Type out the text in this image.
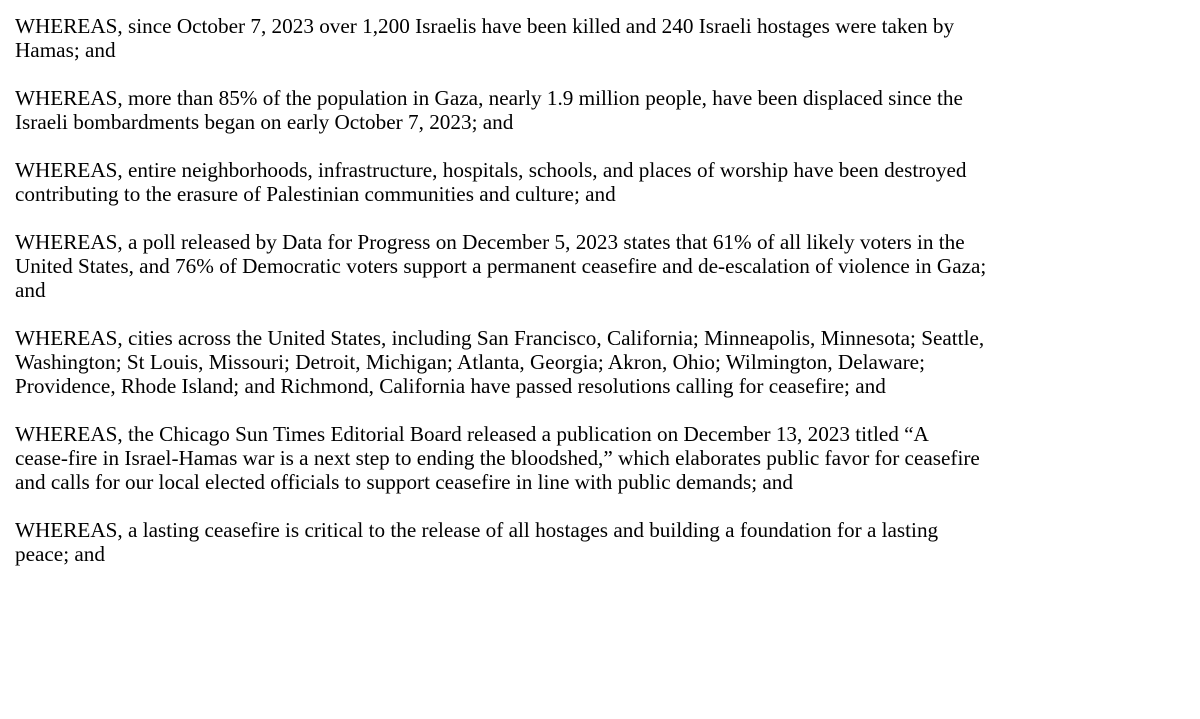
WHEREAS, since October 7, 2023 over 1,200 Israelis have been killed and 240 Israeli hostages were taken by
Hamas; and

WHEREAS, more than 85% of the population in Gaza, nearly 1.9 million people, have been displaced since the
Israeli bombardments began on early October 7, 2023; and

WHEREAS, entire neighborhoods, infrastructure, hospitals, schools, and places of worship have been destroyed
contributing to the erasure of Palestinian communities and culture; and

WHEREAS, a poll released by Data for Progress on December 5, 2023 states that 61% of all likely voters in the
United States, and 76% of Democratic voters support a permanent ceasefire and de-escalation of violence in Gaza;
and

WHEREAS, cities across the United States, including San Francisco, California; Minneapolis, Minnesota; Seattle,
Washington; St Louis, Missouri; Detroit, Michigan; Atlanta, Georgia; Akron, Ohio; Wilmington, Delaware;
Providence, Rhode Island; and Richmond, California have passed resolutions calling for ceasefire; and

WHEREAS, the Chicago Sun Times Editorial Board released a publication on December 13, 2023 titled “A
cease-fire in Israel-Hamas war is a next step to ending the bloodshed,” which elaborates public favor for ceasefire
and calls for our local elected officials to support ceasefire in line with public demands; and

WHEREAS, a lasting ceasefire is critical to the release of all hostages and building a foundation for a lasting
peace; and
